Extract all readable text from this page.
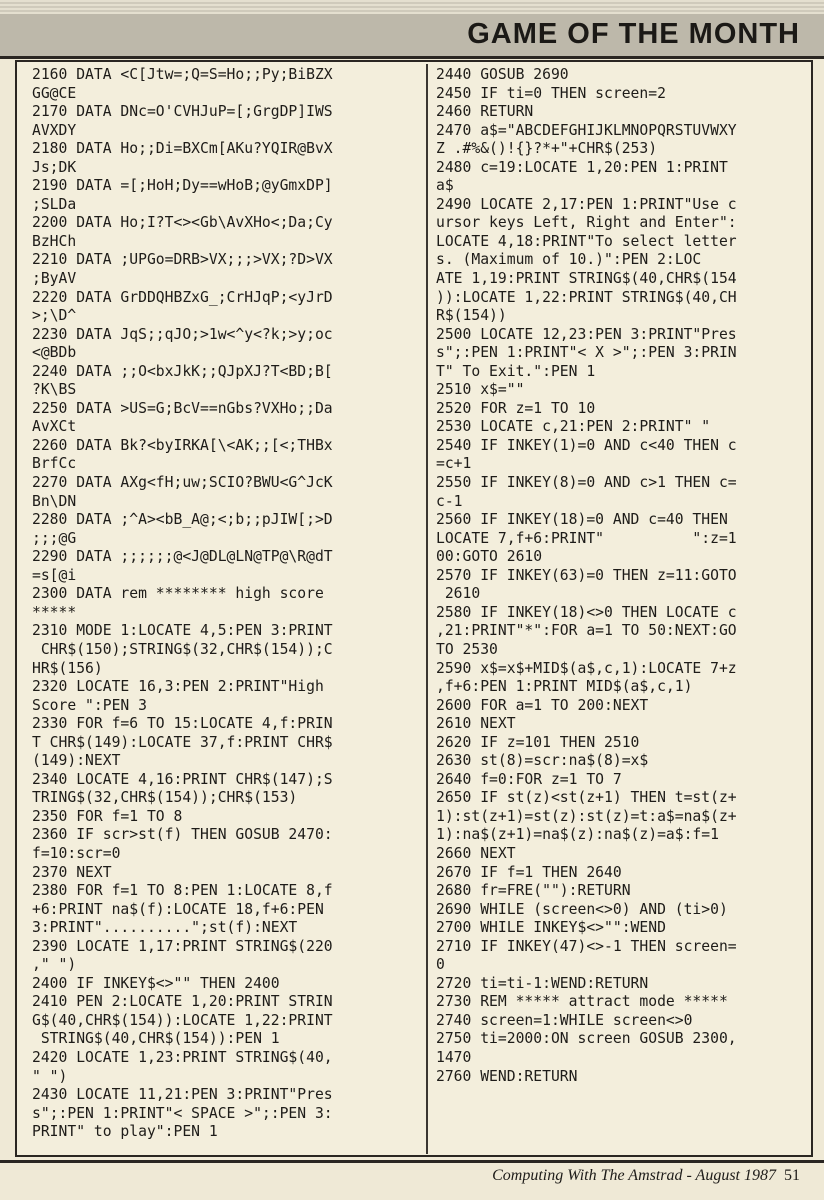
GAME OF THE MONTH
2160 DATA <C[Jtw=;Q=S=Ho;;Py;BiBZX
GG@CE
2170 DATA DNc=O'CVHJuP=[;GrgDP]IWS
AVXDY
2180 DATA Ho;;Di=BXCm[AKu?YQIR@BvX
Js;DK
2190 DATA =[;HoH;Dy==wHoB;@yGmxDP]
;SLDa
2200 DATA Ho;I?T<><Gb\AvXHo<;Da;Cy
BzHCh
2210 DATA ;UPGo=DRB>VX;;;>VX;?D>VX
;ByAV
2220 DATA GrDDQHBZxG_;CrHJqP;<yJrD
>;\D^
2230 DATA JqS;;qJO;>1w<^y<?k;>y;oc
<@BDb
2240 DATA ;;O<bxJkK;;QJpXJ?T<BD;B[
?K\BS
2250 DATA >US=G;BcV==nGbs?VXHo;;Da
AvXCt
2260 DATA Bk?<byIRKA[\<AK;;[<;THBx
BrfCc
2270 DATA AXg<fH;uw;SCIO?BWU<G^JcK
Bn\DN
2280 DATA ;^A><bB_A@;<;b;;pJIW[;>D
;;;@G
2290 DATA ;;;;;;@<J@DL@LN@TP@\R@dT
=s[@i
2300 DATA rem ******** high score
*****
2310 MODE 1:LOCATE 4,5:PEN 3:PRINT
CHR$(150);STRING$(32,CHR$(154));C
HR$(156)
2320 LOCATE 16,3:PEN 2:PRINT"High
Score ":PEN 3
2330 FOR f=6 TO 15:LOCATE 4,f:PRIN
T CHR$(149):LOCATE 37,f:PRINT CHR$
(149):NEXT
2340 LOCATE 4,16:PRINT CHR$(147);S
TRING$(32,CHR$(154));CHR$(153)
2350 FOR f=1 TO 8
2360 IF scr>st(f) THEN GOSUB 2470:
f=10:scr=0
2370 NEXT
2380 FOR f=1 TO 8:PEN 1:LOCATE 8,f
+6:PRINT na$(f):LOCATE 18,f+6:PEN
3:PRINT"..........";st(f):NEXT
2390 LOCATE 1,17:PRINT STRING$(220
," ")
2400 IF INKEY$<>"" THEN 2400
2410 PEN 2:LOCATE 1,20:PRINT STRIN
G$(40,CHR$(154)):LOCATE 1,22:PRINT
STRING$(40,CHR$(154)):PEN 1
2420 LOCATE 1,23:PRINT STRING$(40,
" ")
2430 LOCATE 11,21:PEN 3:PRINT"Pres
s";:PEN 1:PRINT"< SPACE >";:PEN 3:
PRINT" to play":PEN 1
2440 GOSUB 2690
2450 IF ti=0 THEN screen=2
2460 RETURN
2470 a$="ABCDEFGHIJKLMNOPQRSTUVWXY
Z .#%&()!{}?*+"+CHR$(253)
2480 c=19:LOCATE 1,20:PEN 1:PRINT
a$
2490 LOCATE 2,17:PEN 1:PRINT"Use c
ursor keys Left, Right and Enter":
LOCATE 4,18:PRINT"To select letter
s. (Maximum of 10.)":PEN 2:LOC
ATE 1,19:PRINT STRING$(40,CHR$(154
)):LOCATE 1,22:PRINT STRING$(40,CH
R$(154))
2500 LOCATE 12,23:PEN 3:PRINT"Pres
s";:PEN 1:PRINT"< X >";:PEN 3:PRIN
T" To Exit.":PEN 1
2510 x$=""
2520 FOR z=1 TO 10
2530 LOCATE c,21:PEN 2:PRINT" "
2540 IF INKEY(1)=0 AND c<40 THEN c
=c+1
2550 IF INKEY(8)=0 AND c>1 THEN c=
c-1
2560 IF INKEY(18)=0 AND c=40 THEN
LOCATE 7,f+6:PRINT"          ":z=1
00:GOTO 2610
2570 IF INKEY(63)=0 THEN z=11:GOTO
2610
2580 IF INKEY(18)<>0 THEN LOCATE c
,21:PRINT"*":FOR a=1 TO 50:NEXT:GO
TO 2530
2590 x$=x$+MID$(a$,c,1):LOCATE 7+z
,f+6:PEN 1:PRINT MID$(a$,c,1)
2600 FOR a=1 TO 200:NEXT
2610 NEXT
2620 IF z=101 THEN 2510
2630 st(8)=scr:na$(8)=x$
2640 f=0:FOR z=1 TO 7
2650 IF st(z)<st(z+1) THEN t=st(z+
1):st(z+1)=st(z):st(z)=t:a$=na$(z+
1):na$(z+1)=na$(z):na$(z)=a$:f=1
2660 NEXT
2670 IF f=1 THEN 2640
2680 fr=FRE(""):RETURN
2690 WHILE (screen<>0) AND (ti>0)
2700 WHILE INKEY$<>"":WEND
2710 IF INKEY(47)<>-1 THEN screen=
0
2720 ti=ti-1:WEND:RETURN
2730 REM ***** attract mode *****
2740 screen=1:WHILE screen<>0
2750 ti=2000:ON screen GOSUB 2300,
1470
2760 WEND:RETURN
Computing With The Amstrad - August 1987 51
